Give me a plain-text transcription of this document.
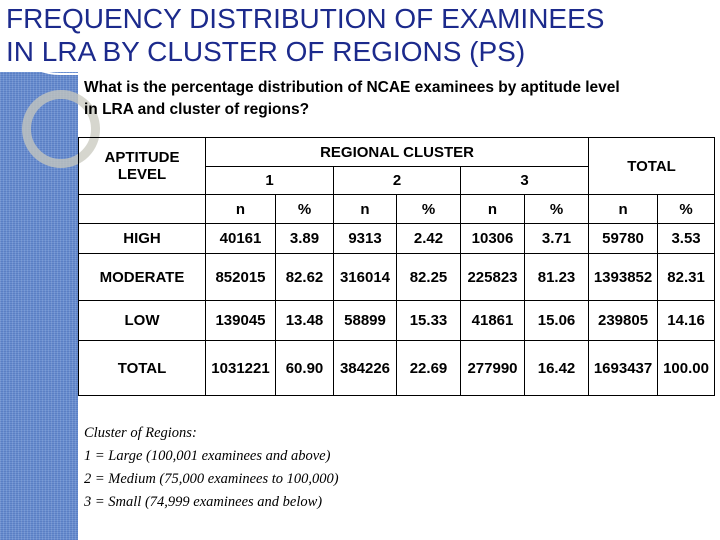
FREQUENCY DISTRIBUTION OF EXAMINEES
IN LRA BY CLUSTER OF REGIONS (PS)
What is the percentage distribution of NCAE examinees by aptitude level
in LRA and cluster of regions?
APTITUDE
LEVEL	REGIONAL CLUSTER						TOTAL	
	1		2		3			
	n	%	n	%	n	%	n	%
HIGH	40161	3.89	9313	2.42	10306	3.71	59780	3.53
MODERATE	852015	82.62	316014	82.25	225823	81.23	1393852	82.31
LOW	139045	13.48	58899	15.33	41861	15.06	239805	14.16
TOTAL	1031221	60.90	384226	22.69	277990	16.42	1693437	100.00
Cluster of Regions:
1 = Large (100,001 examinees and above)
2 = Medium (75,000 examinees to 100,000)
3 = Small (74,999 examinees and below)
